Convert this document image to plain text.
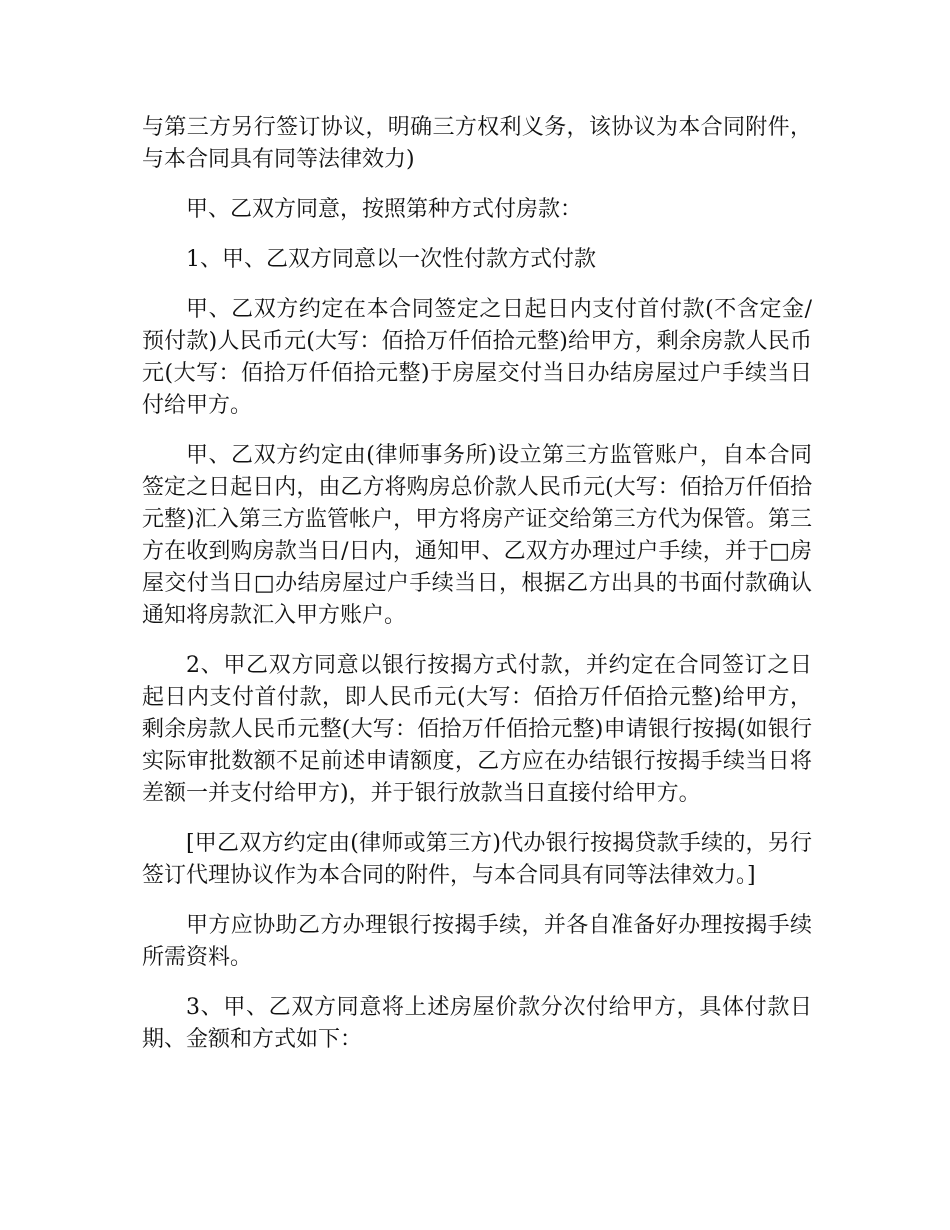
与第三方另行签订协议，明确三方权利义务，该协议为本合同附件，与本合同具有同等法律效力)

甲、乙双方同意，按照第种方式付房款：

1、甲、乙双方同意以一次性付款方式付款

甲、乙双方约定在本合同签定之日起日内支付首付款(不含定金/预付款)人民币元(大写：佰拾万仟佰拾元整)给甲方，剩余房款人民币元(大写：佰拾万仟佰拾元整)于房屋交付当日办结房屋过户手续当日付给甲方。

甲、乙双方约定由(律师事务所)设立第三方监管账户，自本合同签定之日起日内，由乙方将购房总价款人民币元(大写：佰拾万仟佰拾元整)汇入第三方监管帐户，甲方将房产证交给第三方代为保管。第三方在收到购房款当日/日内，通知甲、乙双方办理过户手续，并于□房屋交付当日□办结房屋过户手续当日，根据乙方出具的书面付款确认通知将房款汇入甲方账户。

2、甲乙双方同意以银行按揭方式付款，并约定在合同签订之日起日内支付首付款，即人民币元(大写：佰拾万仟佰拾元整)给甲方，剩余房款人民币元整(大写：佰拾万仟佰拾元整)申请银行按揭(如银行实际审批数额不足前述申请额度，乙方应在办结银行按揭手续当日将差额一并支付给甲方)，并于银行放款当日直接付给甲方。

[甲乙双方约定由(律师或第三方)代办银行按揭贷款手续的，另行签订代理协议作为本合同的附件，与本合同具有同等法律效力。]

甲方应协助乙方办理银行按揭手续，并各自准备好办理按揭手续所需资料。

3、甲、乙双方同意将上述房屋价款分次付给甲方，具体付款日期、金额和方式如下：
